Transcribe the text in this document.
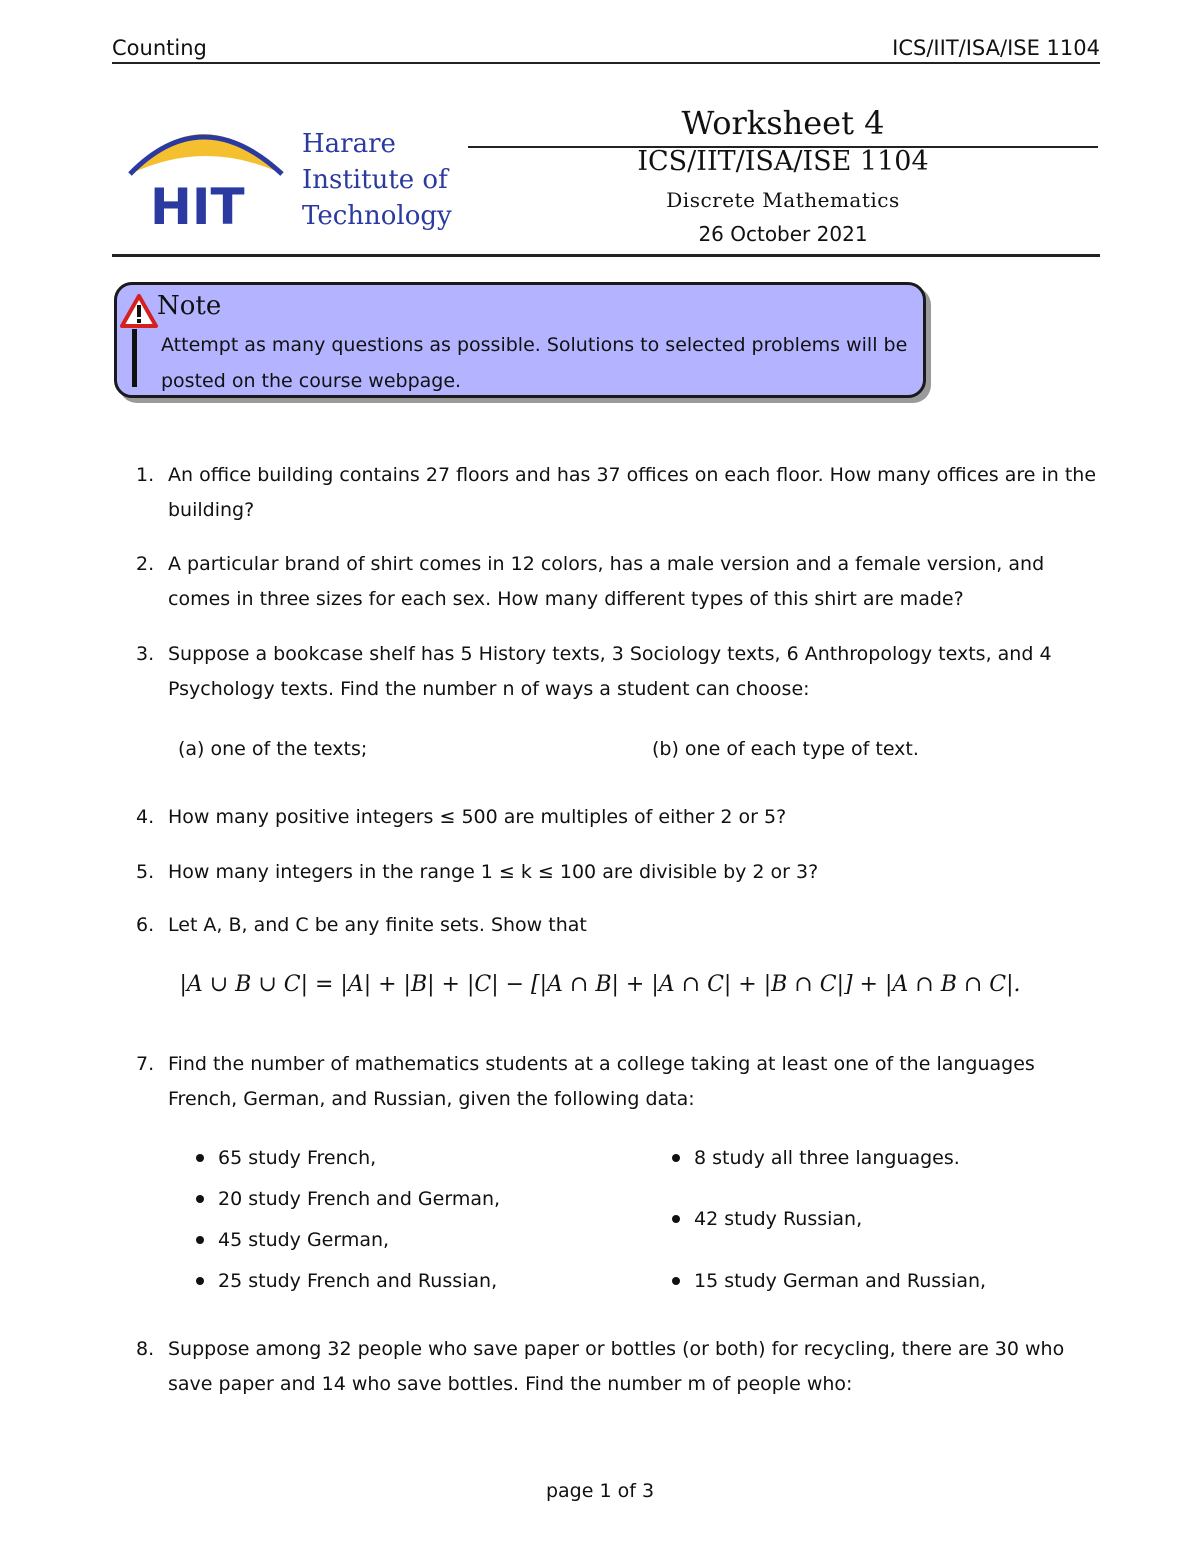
Counting	ICS/IIT/ISA/ISE 1104
HIT
Harare
Institute of
Technology
Worksheet 4
ICS/IIT/ISA/ISE 1104
Discrete Mathematics
26 October 2021
Note
Attempt as many questions as possible. Solutions to selected problems will be posted on the course webpage.
1. An office building contains 27 floors and has 37 offices on each floor. How many offices are in the building?
2. A particular brand of shirt comes in 12 colors, has a male version and a female version, and comes in three sizes for each sex. How many different types of this shirt are made?
3. Suppose a bookcase shelf has 5 History texts, 3 Sociology texts, 6 Anthropology texts, and 4 Psychology texts. Find the number n of ways a student can choose:
(a) one of the texts;	(b) one of each type of text.
4. How many positive integers ≤ 500 are multiples of either 2 or 5?
5. How many integers in the range 1 ≤ k ≤ 100 are divisible by 2 or 3?
6. Let A, B, and C be any finite sets. Show that
|A ∪ B ∪ C| = |A| + |B| + |C| − [|A ∩ B| + |A ∩ C| + |B ∩ C|] + |A ∩ B ∩ C|.
7. Find the number of mathematics students at a college taking at least one of the languages French, German, and Russian, given the following data:
65 study French,
20 study French and German,
45 study German,
25 study French and Russian,
8 study all three languages.
42 study Russian,
15 study German and Russian,
8. Suppose among 32 people who save paper or bottles (or both) for recycling, there are 30 who save paper and 14 who save bottles. Find the number m of people who:
page 1 of 3
